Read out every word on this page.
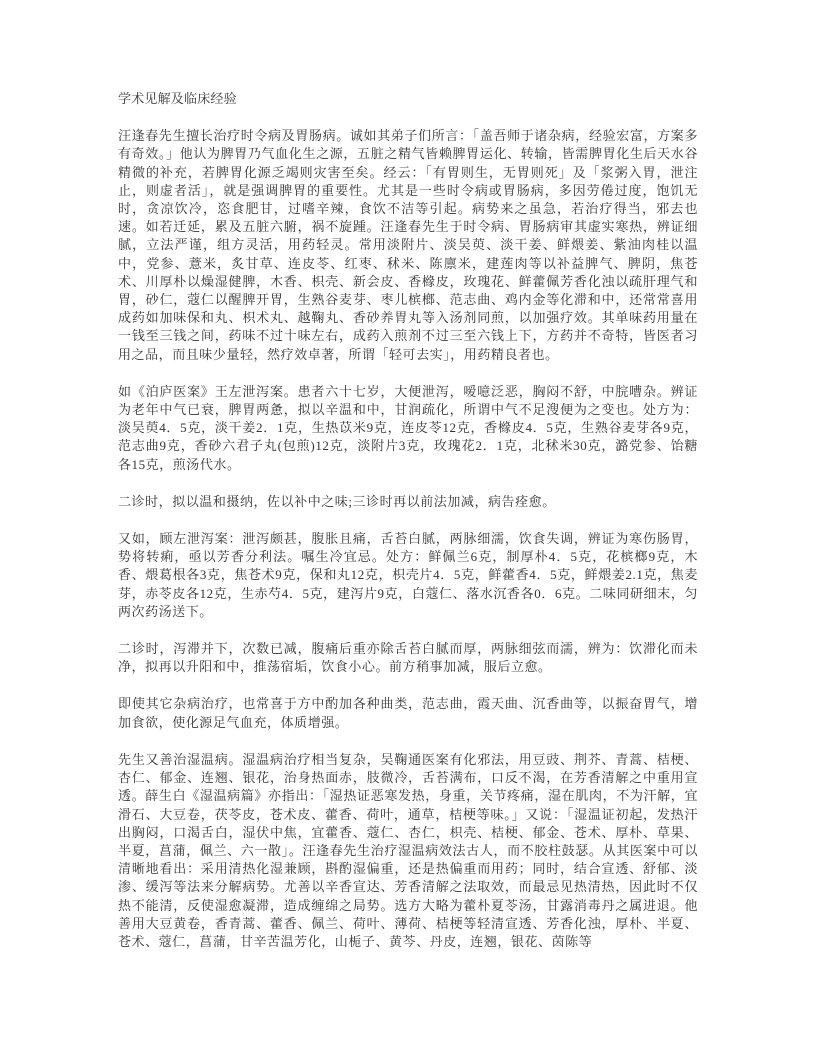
学术见解及临床经验

汪逢春先生擅长治疗时令病及胃肠病。诚如其弟子们所言：「盖吾师于诸杂病，经验宏富，方案多有奇效。」他认为脾胃乃气血化生之源，五脏之精气皆赖脾胃运化、转输，皆需脾胃化生后天水谷精微的补充，若脾胃化源乏竭则灾害至矣。经云：「有胃则生，无胃则死」及「浆粥入胃，泄注止，则虚者活」，就是强调脾胃的重要性。尤其是一些时令病或胃肠病，多因劳倦过度，饱饥无时，贪凉饮冷，恣食肥甘，过嗜辛辣，食饮不洁等引起。病势来之虽急，若治疗得当，邪去也速。如若迁延，累及五脏六腑，祸不旋踵。汪逢春先生于时令病、胃肠病审其虚实寒热，辨证细腻，立法严谨，组方灵活，用药轻灵。常用淡附片、淡吴萸、淡干姜、鲜煨姜、紫油肉桂以温中，党参、薏米，炙甘草、连皮苓、红枣、秫米、陈廪米，建莲肉等以补益脾气、脾阴，焦苍术、川厚朴以燥湿健脾，木香、枳壳、新会皮、香橼皮，玫瑰花、鲜藿佩芳香化浊以疏肝理气和胃，砂仁，蔻仁以醒脾开胃，生熟谷麦芽、枣儿槟榔、范志曲、鸡内金等化滞和中，还常常喜用成药如加味保和丸、枳术丸、越鞠丸、香砂养胃丸等入汤剂同煎，以加强疗效。其单味药用量在一钱至三钱之间，药味不过十味左右，成药入煎剂不过三至六钱上下，方药并不奇特，皆医者习用之品，而且味少量轻，然疗效卓著，所谓「轻可去实」，用药精良者也。

如《泊庐医案》王左泄泻案。患者六十七岁，大便泄泻，嗳噫泛恶，胸闷不舒，中脘嘈杂。辨证为老年中气已衰，脾胃两惫，拟以辛温和中，甘润疏化，所谓中气不足溲便为之变也。处方为：淡吴萸4．5克，淡干姜2．1克，生热苡米9克，连皮苓12克，香橼皮4．5克，生熟谷麦芽各9克，范志曲9克，香砂六君子丸(包煎)12克，淡附片3克，玫瑰花2．1克，北秫米30克，潞党参、饴糖各15克，煎汤代水。

二诊时，拟以温和摄纳，佐以补中之味;三诊时再以前法加减，病告痊愈。

又如，顾左泄泻案：泄泻颇甚，腹胀且痛，舌苔白腻，两脉细濡，饮食失调，辨证为寒伤肠胃，势将转痢，亟以芳香分利法。嘱生冷宜忌。处方：鲜佩兰6克，制厚朴4．5克，花槟榔9克，木香、煨葛根各3克，焦苍术9克，保和丸12克，枳壳片4．5克，鲜藿香4．5克，鲜煨姜2.1克，焦麦芽，赤苓皮各12克，生赤芍4．5克，建泻片9克，白蔻仁、落水沉香各0．6克。二味同研细末，匀两次药汤送下。

二诊时，泻滞并下，次数已减，腹痛后重亦除舌苔白腻而厚，两脉细弦而濡，辨为：饮滞化而未净，拟再以升阳和中，推荡宿垢，饮食小心。前方稍事加减，服后立愈。

即使其它杂病治疗，也常喜于方中酌加各种曲类，范志曲，霞天曲、沉香曲等，以振奋胃气，增加食欲，使化源足气血充，体质增强。

先生又善治湿温病。湿温病治疗相当复杂，吴鞠通医案有化邪法，用豆豉、荆芥、青蒿、桔梗、杏仁、郁金、连翘、银花，治身热面赤，肢微冷，舌苔满布，口反不渴，在芳香清解之中重用宣透。薛生白《湿温病篇》亦指出：「湿热证恶寒发热，身重，关节疼痛，湿在肌肉，不为汗解，宜滑石、大豆卷，茯苓皮，苍术皮、藿香、荷叶，通草，桔梗等味。」又说：「湿温证初起，发热汗出胸闷，口渴舌白，湿伏中焦，宜藿香、蔻仁、杏仁，枳壳、桔梗、郁金、苍术、厚朴、草果、半夏，菖蒲，佩兰、六一散」。汪逢春先生治疗湿温病效法古人，而不胶柱鼓瑟。从其医案中可以清晰地看出：采用清热化湿兼顾，斟酌湿偏重，还是热偏重而用药；同时，结合宣透、舒郁、淡渗、缓泻等法来分解病势。尤善以辛香宣达、芳香清解之法取效，而最忌见热清热，因此时不仅热不能清，反使湿愈凝滞，造成缠绵之局势。选方大略为藿朴夏苓汤，甘露消毒丹之属进退。他善用大豆黄卷，香青蒿、藿香、佩兰、荷叶、薄荷、桔梗等轻清宣透、芳香化浊，厚朴、半夏、苍术、蔻仁，菖蒲，甘辛苦温芳化，山栀子、黄芩、丹皮，连翘，银花、茵陈等
